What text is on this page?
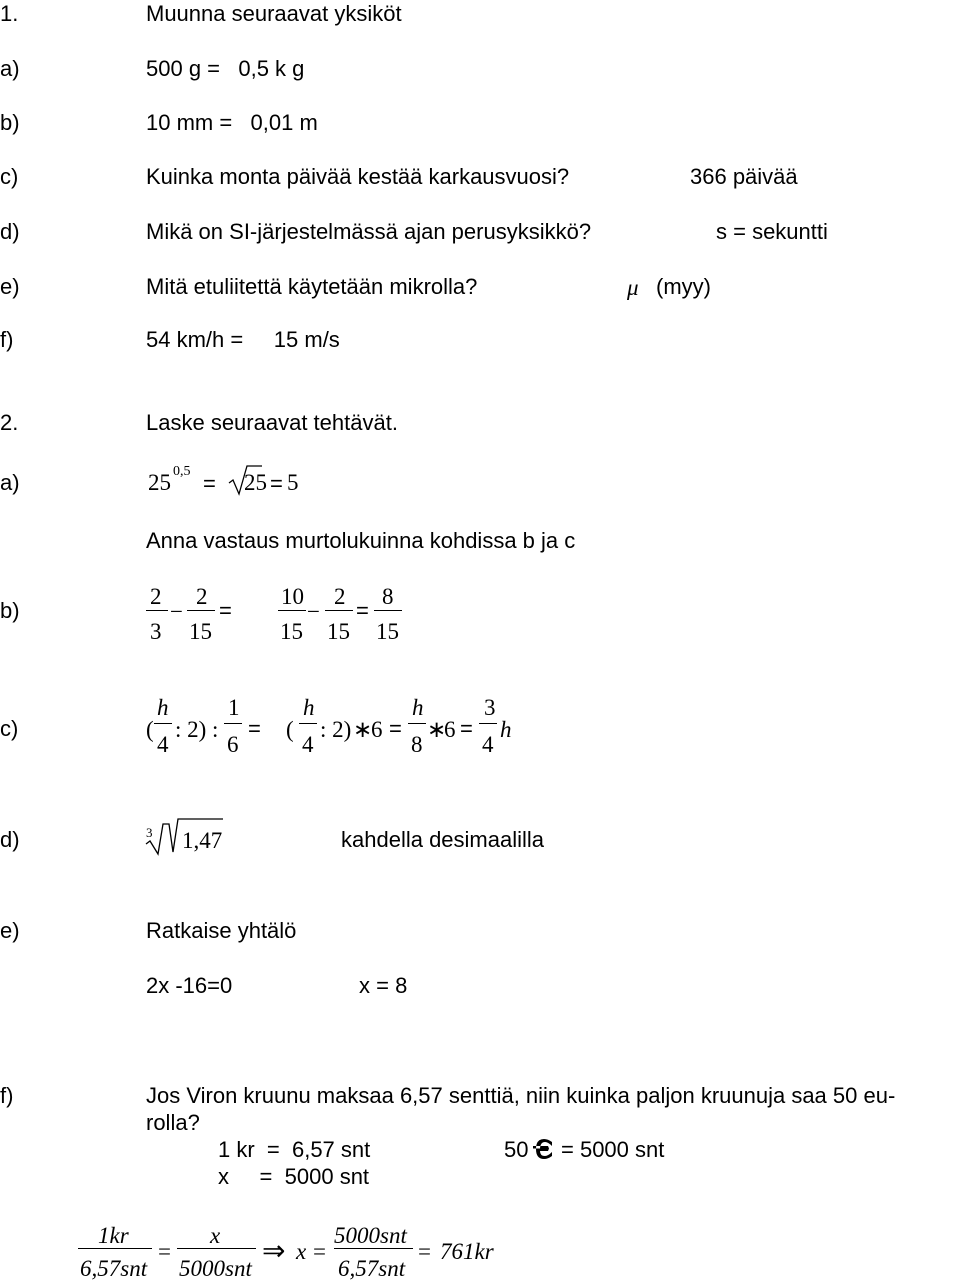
1.	Muunna seuraavat yksiköt
a)	500 g =   0,5 k g
b)	10 mm =   0,01 m
c)	Kuinka monta päivää kestää karkausvuosi?	366 päivää
d)	Mikä on SI-järjestelmässä ajan perusyksikkö?	s = sekuntti
e)	Mitä etuliitettä käytetään mikrolla?	μ (myy)
f)	54 km/h =     15 m/s
2.	Laske seuraavat tehtävät.
a)	25 0,5 = 25 = 5
Anna vastaus murtolukuinna kohdissa b ja c
b)
2
3
−
2
15
=
10
15
−
2
15
=
8
15
c)	(
h
4
: 2) :
1
6
= (
h
4
: 2) ∗
6 =
h
8
∗
6 =
3
4
h
d)	3 1,47	kahdella desimaalilla
e)	Ratkaise yhtälö
2x -16=0	x = 8
f)	Jos Viron kruunu maksaa 6,57 senttiä, niin kuinka paljon kruunuja saa 50 eu-
rolla?
1 kr  =  6,57 snt	50 = 5000 snt
x     =  5000 snt
1kr
6,57snt
=
x
5000snt
⇒ x =
5000snt
6,57snt
= 761kr
